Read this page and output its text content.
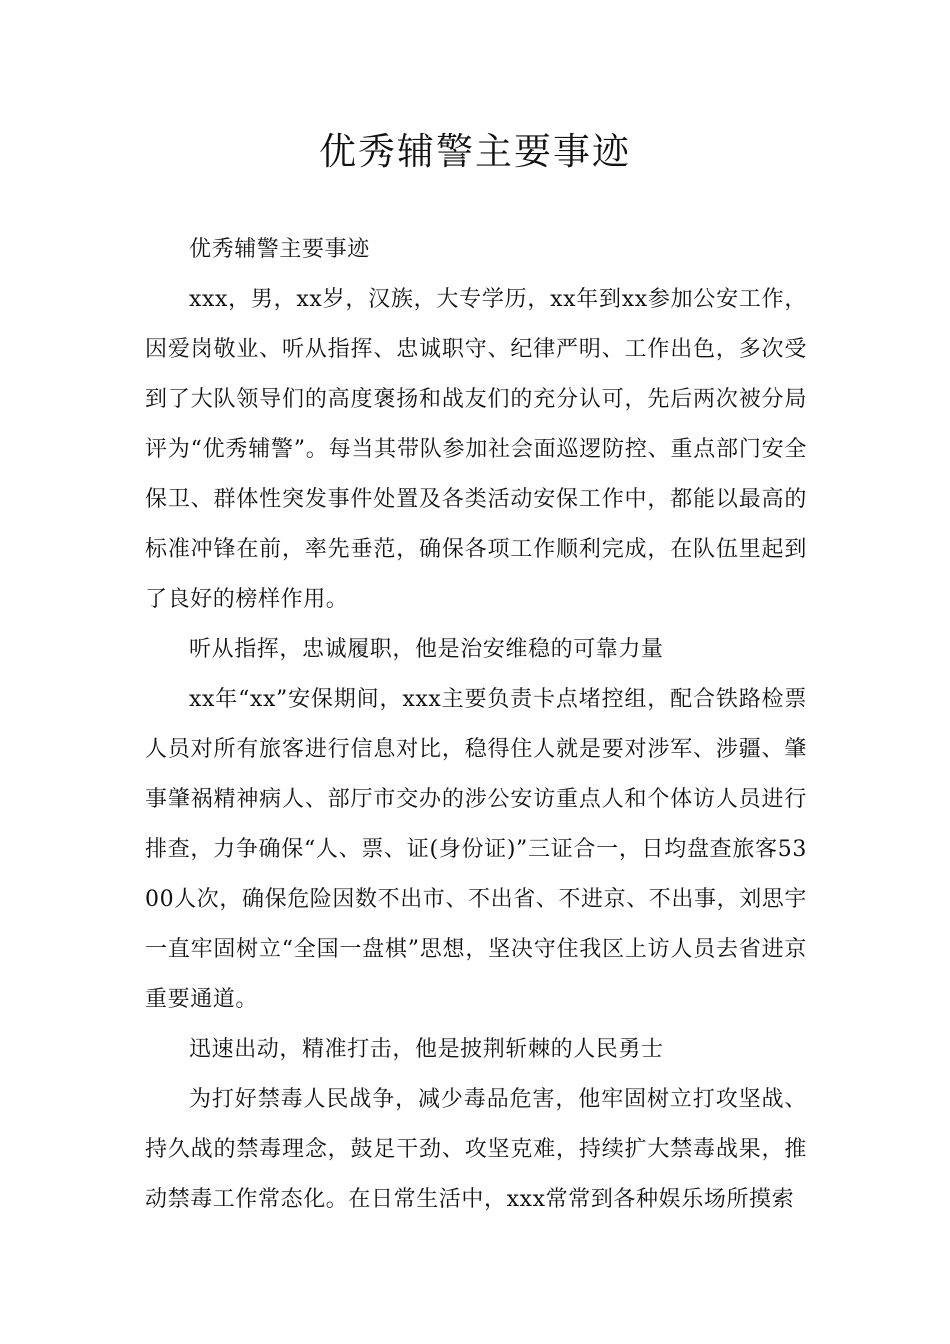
优秀辅警主要事迹

优秀辅警主要事迹

xxx，男，xx岁，汉族，大专学历，xx年到xx参加公安工作，因爱岗敬业、听从指挥、忠诚职守、纪律严明、工作出色，多次受到了大队领导们的高度褒扬和战友们的充分认可，先后两次被分局评为“优秀辅警”。每当其带队参加社会面巡逻防控、重点部门安全保卫、群体性突发事件处置及各类活动安保工作中，都能以最高的标准冲锋在前，率先垂范，确保各项工作顺利完成，在队伍里起到了良好的榜样作用。

听从指挥，忠诚履职，他是治安维稳的可靠力量

xx年“xx”安保期间，xxx主要负责卡点堵控组，配合铁路检票人员对所有旅客进行信息对比，稳得住人就是要对涉军、涉疆、肇事肇祸精神病人、部厅市交办的涉公安访重点人和个体访人员进行排查，力争确保“人、票、证(身份证)”三证合一，日均盘查旅客5300人次，确保危险因数不出市、不出省、不进京、不出事，刘思宇一直牢固树立“全国一盘棋”思想，坚决守住我区上访人员去省进京重要通道。

迅速出动，精准打击，他是披荆斩棘的人民勇士

为打好禁毒人民战争，减少毒品危害，他牢固树立打攻坚战、持久战的禁毒理念，鼓足干劲、攻坚克难，持续扩大禁毒战果，推动禁毒工作常态化。在日常生活中，xxx常常到各种娱乐场所摸索
